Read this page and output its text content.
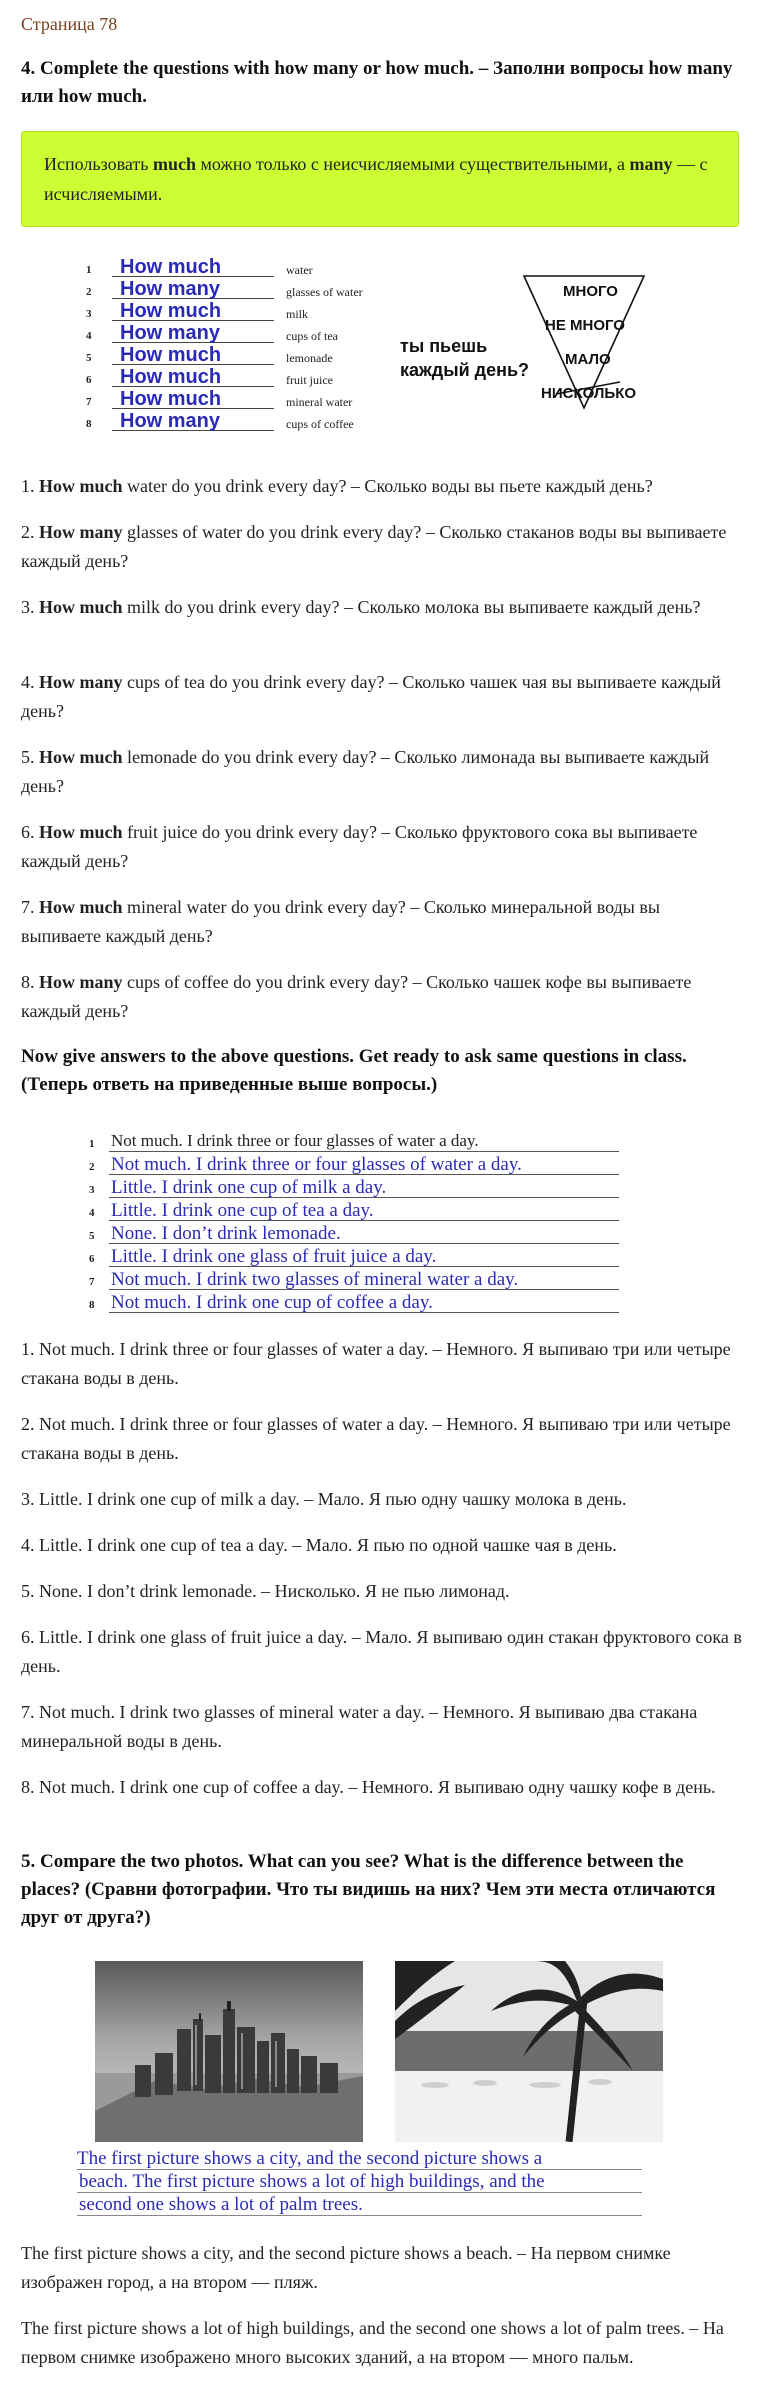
Страница 78
4. Complete the questions with how many or how much. – Заполни вопросы how many или how much.
Использовать much можно только с неисчисляемыми существительными, а many — с исчисляемыми.
1 How much	water
2 How many	glasses of water
3 How much	milk
4 How many	cups of tea
5 How much	lemonade
6 How much	fruit juice
7 How much	mineral water
8 How many	cups of coffee
ты пьешь
каждый день?
МНОГО
НЕ МНОГО
МАЛО
НИСКОЛЬКО
1. How much water do you drink every day? – Сколько воды вы пьете каждый день?
2. How many glasses of water do you drink every day? – Сколько стаканов воды вы выпиваете каждый день?
3. How much milk do you drink every day? – Сколько молока вы выпиваете каждый день?
4. How many cups of tea do you drink every day? – Сколько чашек чая вы выпиваете каждый день?
5. How much lemonade do you drink every day? – Сколько лимонада вы выпиваете каждый день?
6. How much fruit juice do you drink every day? – Сколько фруктового сока вы выпиваете каждый день?
7. How much mineral water do you drink every day? – Сколько минеральной воды вы выпиваете каждый день?
8. How many cups of coffee do you drink every day? – Сколько чашек кофе вы выпиваете каждый день?
Now give answers to the above questions. Get ready to ask same questions in class. (Теперь ответь на приведенные выше вопросы.)
1 Not much. I drink three or four glasses of water a day.
2 Not much. I drink three or four glasses of water a day.
3 Little. I drink one cup of milk a day.
4 Little. I drink one cup of tea a day.
5 None. I don’t drink lemonade.
6 Little. I drink one glass of fruit juice a day.
7 Not much. I drink two glasses of mineral water a day.
8 Not much. I drink one cup of coffee a day.
1. Not much. I drink three or four glasses of water a day. – Немного. Я выпиваю три или четыре стакана воды в день.
2. Not much. I drink three or four glasses of water a day. – Немного. Я выпиваю три или четыре стакана воды в день.
3. Little. I drink one cup of milk a day. – Мало. Я пью одну чашку молока в день.
4. Little. I drink one cup of tea a day. – Мало. Я пью по одной чашке чая в день.
5. None. I don’t drink lemonade. – Нисколько. Я не пью лимонад.
6. Little. I drink one glass of fruit juice a day. – Мало. Я выпиваю один стакан фруктового сока в день.
7. Not much. I drink two glasses of mineral water a day. – Немного. Я выпиваю два стакана минеральной воды в день.
8. Not much. I drink one cup of coffee a day. – Немного. Я выпиваю одну чашку кофе в день.
5. Compare the two photos. What can you see? What is the difference between the places? (Сравни фотографии. Что ты видишь на них? Чем эти места отличаются друг от друга?)
The first picture shows a city, and the second picture shows a
beach. The first picture shows a lot of high buildings, and the
second one shows a lot of palm trees.
The first picture shows a city, and the second picture shows a beach. – На первом снимке изображен город, а на втором — пляж.
The first picture shows a lot of high buildings, and the second one shows a lot of palm trees. – На первом снимке изображено много высоких зданий, а на втором — много пальм.
